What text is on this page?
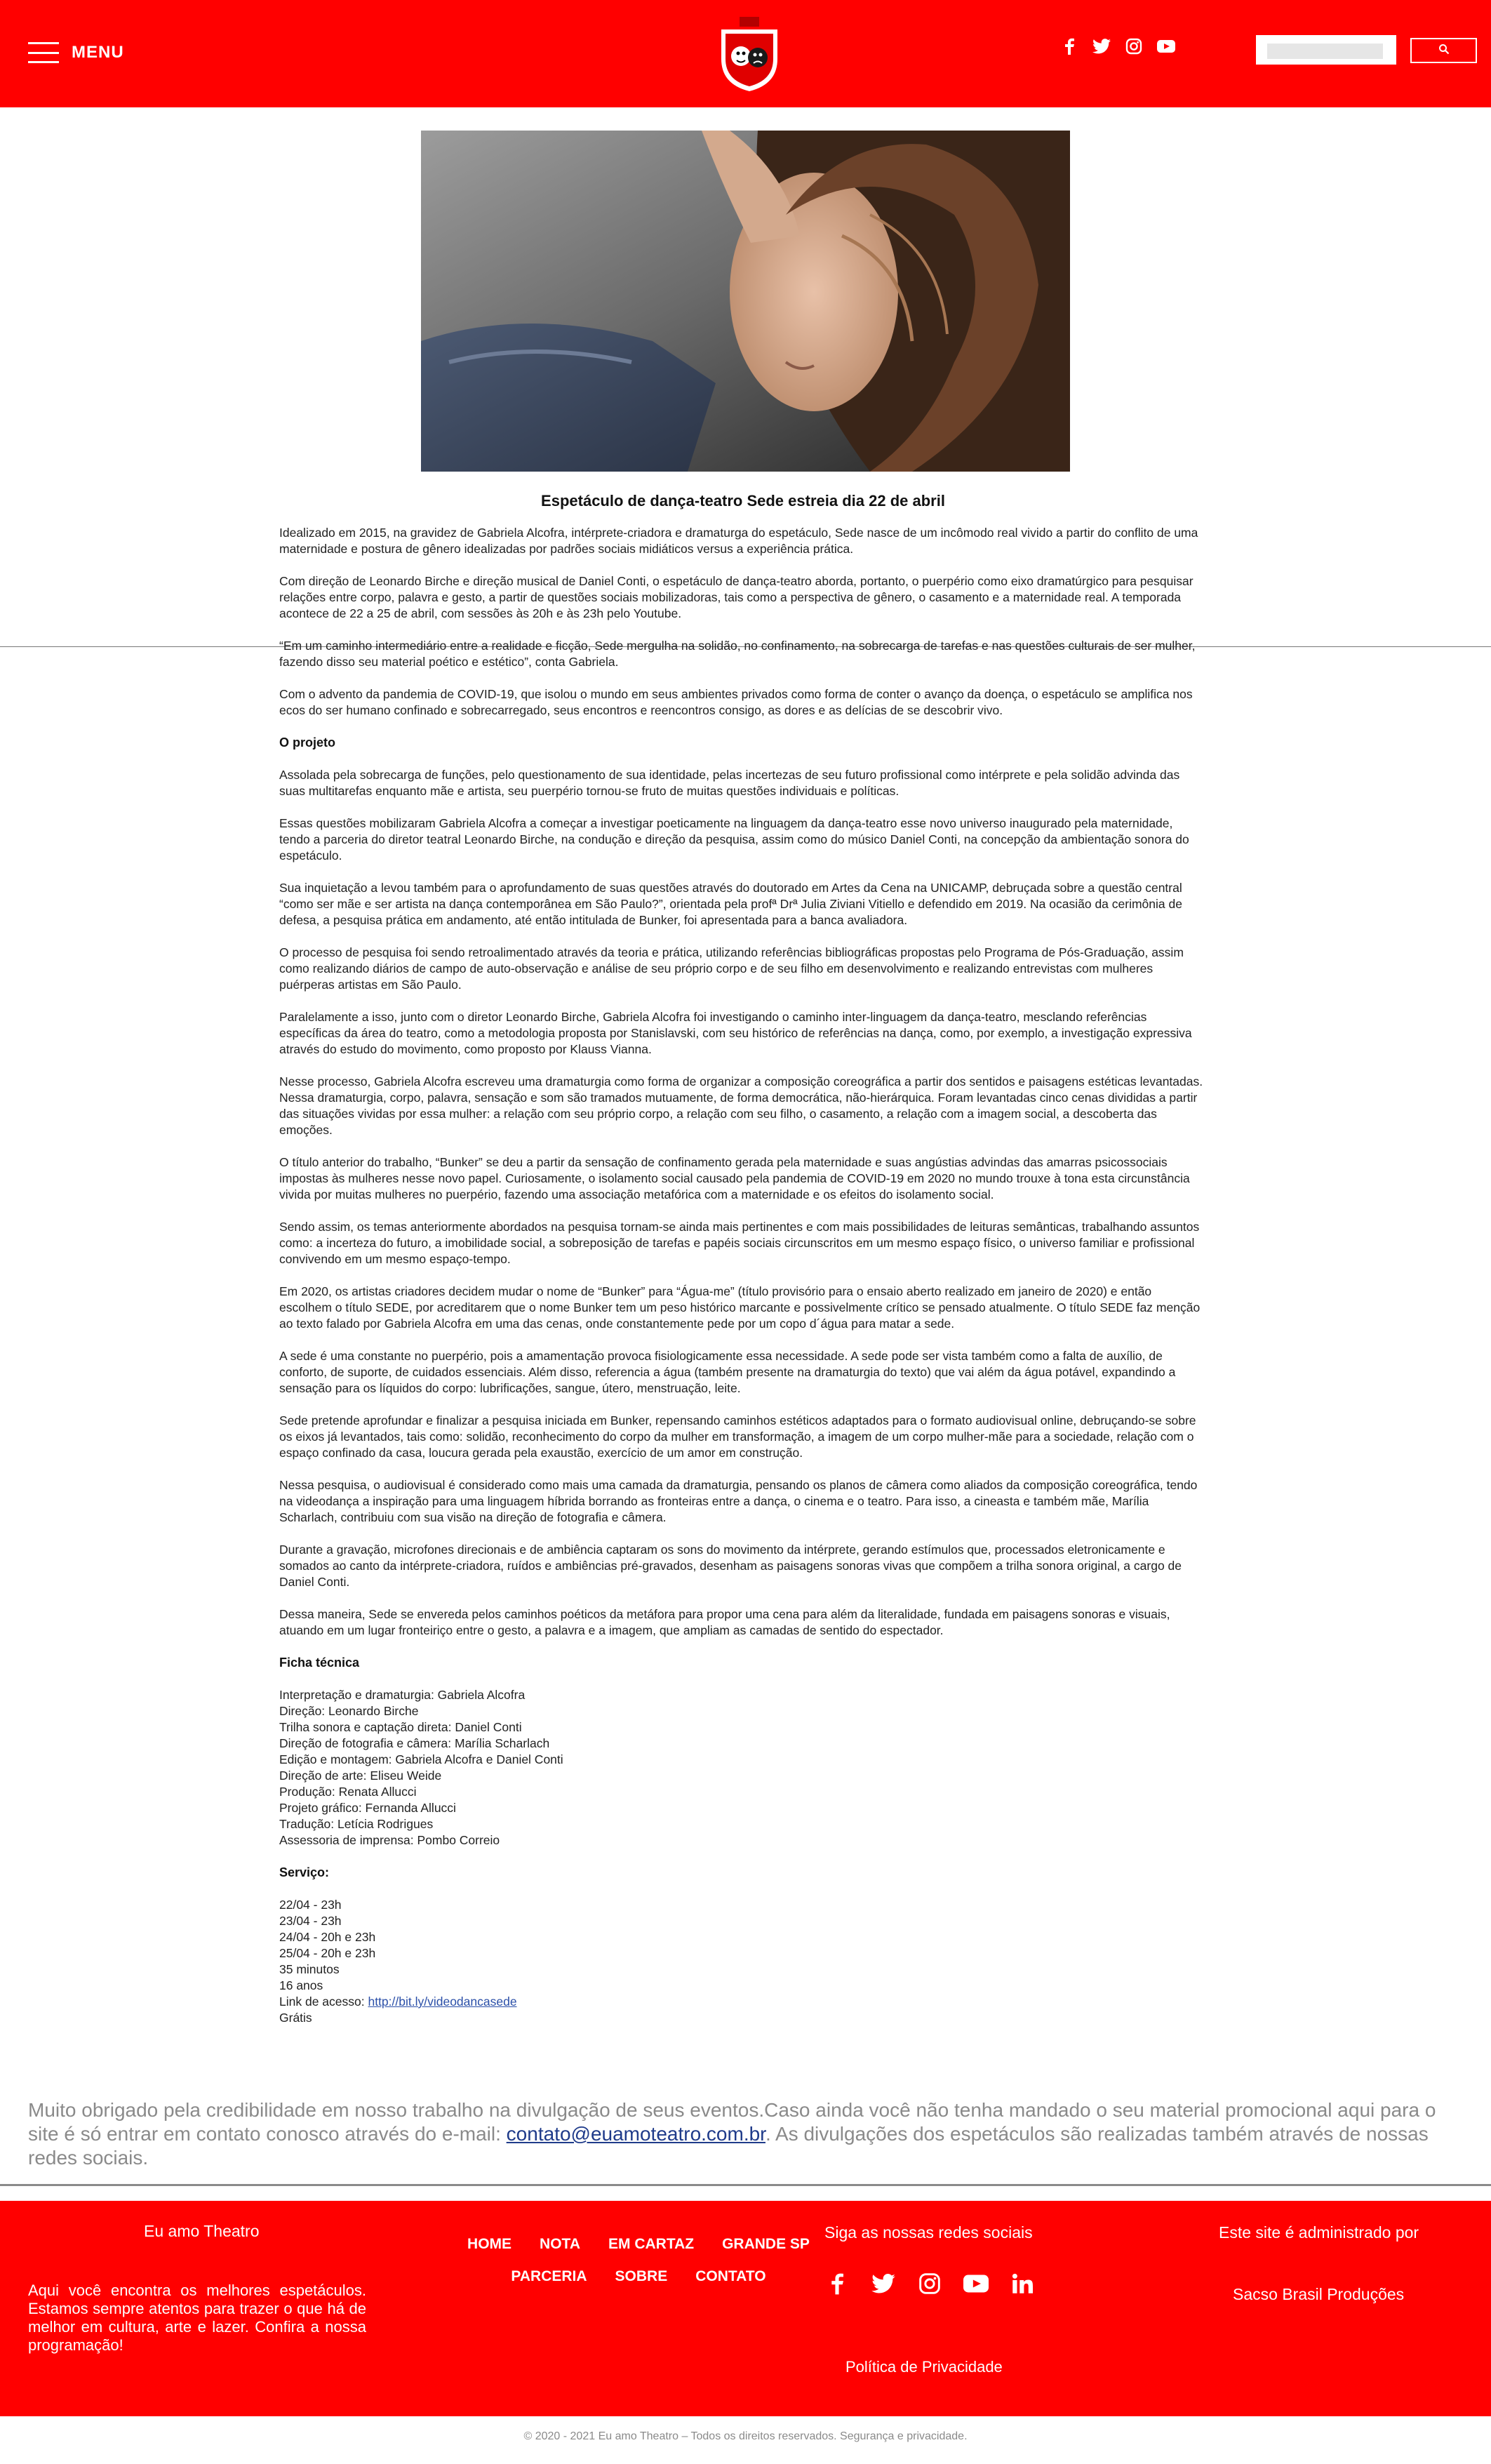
MENU
Espetáculo de dança-teatro Sede estreia dia 22 de abril

Idealizado em 2015, na gravidez de Gabriela Alcofra, intérprete-criadora e dramaturga do espetáculo, Sede nasce de um incômodo real vivido a partir do conflito de uma maternidade e postura de gênero idealizadas por padrões sociais midiáticos versus a experiência prática.

Com direção de Leonardo Birche e direção musical de Daniel Conti, o espetáculo de dança-teatro aborda, portanto, o puerpério como eixo dramatúrgico para pesquisar relações entre corpo, palavra e gesto, a partir de questões sociais mobilizadoras, tais como a perspectiva de gênero, o casamento e a maternidade real. A temporada acontece de 22 a 25 de abril, com sessões às 20h e às 23h pelo Youtube.

“Em um caminho intermediário entre a realidade e ficção, Sede mergulha na solidão, no confinamento, na sobrecarga de tarefas e nas questões culturais de ser mulher, fazendo disso seu material poético e estético”, conta Gabriela.

Com o advento da pandemia de COVID-19, que isolou o mundo em seus ambientes privados como forma de conter o avanço da doença, o espetáculo se amplifica nos ecos do ser humano confinado e sobrecarregado, seus encontros e reencontros consigo, as dores e as delícias de se descobrir vivo.

O projeto

Assolada pela sobrecarga de funções, pelo questionamento de sua identidade, pelas incertezas de seu futuro profissional como intérprete e pela solidão advinda das suas multitarefas enquanto mãe e artista, seu puerpério tornou-se fruto de muitas questões individuais e políticas.

Essas questões mobilizaram Gabriela Alcofra a começar a investigar poeticamente na linguagem da dança-teatro esse novo universo inaugurado pela maternidade, tendo a parceria do diretor teatral Leonardo Birche, na condução e direção da pesquisa, assim como do músico Daniel Conti, na concepção da ambientação sonora do espetáculo.

Sua inquietação a levou também para o aprofundamento de suas questões através do doutorado em Artes da Cena na UNICAMP, debruçada sobre a questão central “como ser mãe e ser artista na dança contemporânea em São Paulo?”, orientada pela profª Drª Julia Ziviani Vitiello e defendido em 2019. Na ocasião da cerimônia de defesa, a pesquisa prática em andamento, até então intitulada de Bunker, foi apresentada para a banca avaliadora.

O processo de pesquisa foi sendo retroalimentado através da teoria e prática, utilizando referências bibliográficas propostas pelo Programa de Pós-Graduação, assim como realizando diários de campo de auto-observação e análise de seu próprio corpo e de seu filho em desenvolvimento e realizando entrevistas com mulheres puérperas artistas em São Paulo.

Paralelamente a isso, junto com o diretor Leonardo Birche, Gabriela Alcofra foi investigando o caminho inter-linguagem da dança-teatro, mesclando referências específicas da área do teatro, como a metodologia proposta por Stanislavski, com seu histórico de referências na dança, como, por exemplo, a investigação expressiva através do estudo do movimento, como proposto por Klauss Vianna.

Nesse processo, Gabriela Alcofra escreveu uma dramaturgia como forma de organizar a composição coreográfica a partir dos sentidos e paisagens estéticas levantadas. Nessa dramaturgia, corpo, palavra, sensação e som são tramados mutuamente, de forma democrática, não-hierárquica. Foram levantadas cinco cenas divididas a partir das situações vividas por essa mulher: a relação com seu próprio corpo, a relação com seu filho, o casamento, a relação com a imagem social, a descoberta das emoções.

O título anterior do trabalho, “Bunker” se deu a partir da sensação de confinamento gerada pela maternidade e suas angústias advindas das amarras psicossociais impostas às mulheres nesse novo papel. Curiosamente, o isolamento social causado pela pandemia de COVID-19 em 2020 no mundo trouxe à tona esta circunstância vivida por muitas mulheres no puerpério, fazendo uma associação metafórica com a maternidade e os efeitos do isolamento social.

Sendo assim, os temas anteriormente abordados na pesquisa tornam-se ainda mais pertinentes e com mais possibilidades de leituras semânticas, trabalhando assuntos como: a incerteza do futuro, a imobilidade social, a sobreposição de tarefas e papéis sociais circunscritos em um mesmo espaço físico, o universo familiar e profissional convivendo em um mesmo espaço-tempo.

Em 2020, os artistas criadores decidem mudar o nome de “Bunker” para “Água-me” (título provisório para o ensaio aberto realizado em janeiro de 2020) e então escolhem o título SEDE, por acreditarem que o nome Bunker tem um peso histórico marcante e possivelmente crítico se pensado atualmente. O título SEDE faz menção ao texto falado por Gabriela Alcofra em uma das cenas, onde constantemente pede por um copo d´água para matar a sede.

A sede é uma constante no puerpério, pois a amamentação provoca fisiologicamente essa necessidade. A sede pode ser vista também como a falta de auxílio, de conforto, de suporte, de cuidados essenciais. Além disso, referencia a água (também presente na dramaturgia do texto) que vai além da água potável, expandindo a sensação para os líquidos do corpo: lubrificações, sangue, útero, menstruação, leite.

Sede pretende aprofundar e finalizar a pesquisa iniciada em Bunker, repensando caminhos estéticos adaptados para o formato audiovisual online, debruçando-se sobre os eixos já levantados, tais como: solidão, reconhecimento do corpo da mulher em transformação, a imagem de um corpo mulher-mãe para a sociedade, relação com o espaço confinado da casa, loucura gerada pela exaustão, exercício de um amor em construção.

Nessa pesquisa, o audiovisual é considerado como mais uma camada da dramaturgia, pensando os planos de câmera como aliados da composição coreográfica, tendo na videodança a inspiração para uma linguagem híbrida borrando as fronteiras entre a dança, o cinema e o teatro. Para isso, a cineasta e também mãe, Marília Scharlach, contribuiu com sua visão na direção de fotografia e câmera.

Durante a gravação, microfones direcionais e de ambiência captaram os sons do movimento da intérprete, gerando estímulos que, processados eletronicamente e somados ao canto da intérprete-criadora, ruídos e ambiências pré-gravados, desenham as paisagens sonoras vivas que compõem a trilha sonora original, a cargo de Daniel Conti.

Dessa maneira, Sede se envereda pelos caminhos poéticos da metáfora para propor uma cena para além da literalidade, fundada em paisagens sonoras e visuais, atuando em um lugar fronteiriço entre o gesto, a palavra e a imagem, que ampliam as camadas de sentido do espectador.

Ficha técnica
Interpretação e dramaturgia: Gabriela Alcofra
Direção: Leonardo Birche
Trilha sonora e captação direta: Daniel Conti
Direção de fotografia e câmera: Marília Scharlach
Edição e montagem: Gabriela Alcofra e Daniel Conti
Direção de arte: Eliseu Weide
Produção: Renata Allucci
Projeto gráfico: Fernanda Allucci
Tradução: Letícia Rodrigues
Assessoria de imprensa: Pombo Correio
Serviço:
22/04 - 23h
23/04 - 23h
24/04 - 20h e 23h
25/04 - 20h e 23h
35 minutos
16 anos
Link de acesso: http://bit.ly/videodancasede
Grátis
Muito obrigado pela credibilidade em nosso trabalho na divulgação de seus eventos.Caso ainda você não tenha mandado o seu material promocional aqui para o site é só entrar em contato conosco através do e-mail: contato@euamoteatro.com.br. As divulgações dos espetáculos são realizadas também através de nossas redes sociais.
Eu amo Theatro
Aqui você encontra os melhores espetáculos. Estamos sempre atentos para trazer o que há de melhor em cultura, arte e lazer. Confira a nossa programação!
HOME NOTA EM CARTAZ GRANDE SP
PARCERIA SOBRE CONTATO
Siga as nossas redes sociais
Política de Privacidade
Este site é administrado por
Sacso Brasil Produções
© 2020 - 2021 Eu amo Theatro – Todos os direitos reservados. Segurança e privacidade.
